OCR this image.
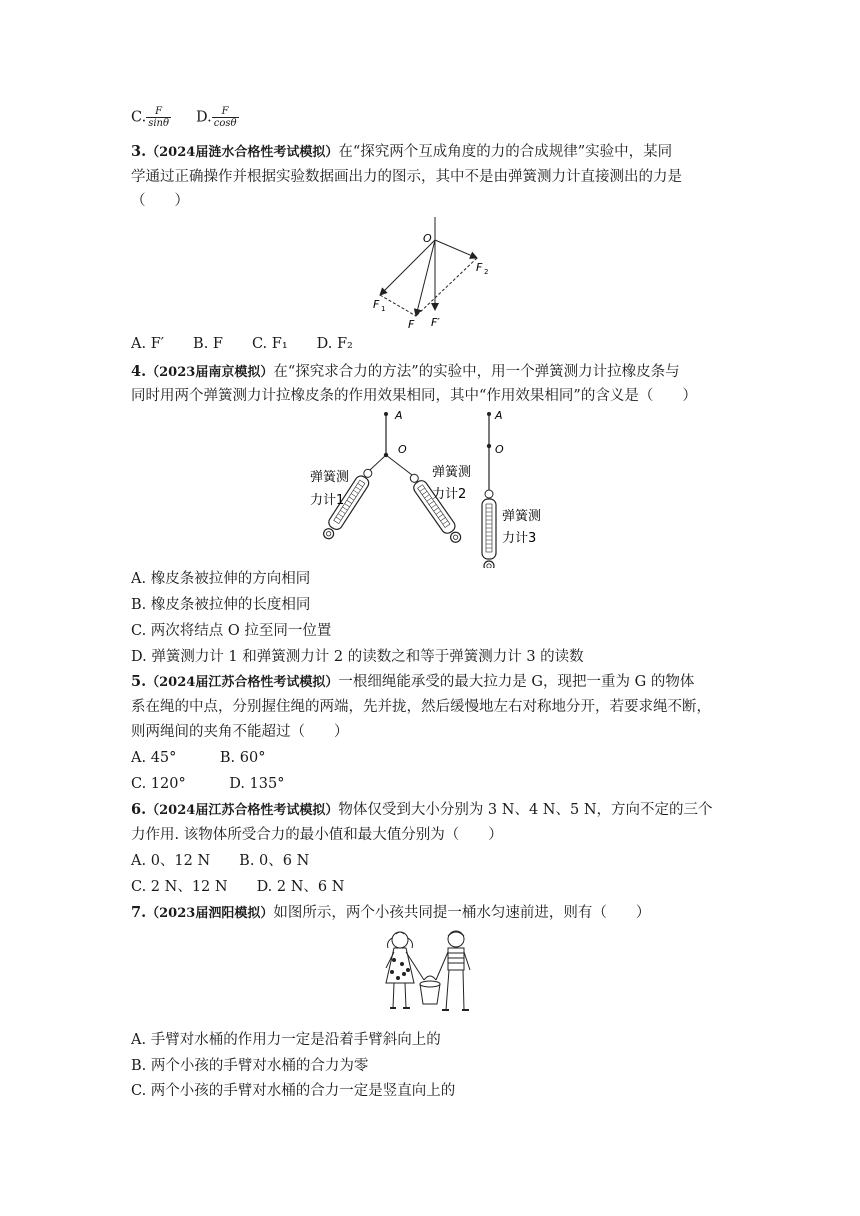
C. $\frac{F}{\sin\theta} D$. $\frac{F}{\cos\theta}$
3.（2024届涟水合格性考试模拟）在“探究两个互成角度的力的合成规律”实验中，某同
学通过正确操作并根据实验数据画出力的图示，其中不是由弹簧测力计直接测出的力是
（　　）
O
F 2
F 1
F F′
A. F′　　B. F　　C. F₁　　D. F₂
4.（2023届南京模拟）在“探究求合力的方法”的实验中，用一个弹簧测力计拉橡皮条与
同时用两个弹簧测力计拉橡皮条的作用效果相同，其中“作用效果相同”的含义是（　　）
A
O
弹簧测
力计1
弹簧测
力计2
A
O
弹簧测
力计3
A. 橡皮条被拉伸的方向相同
B. 橡皮条被拉伸的长度相同
C. 两次将结点 O 拉至同一位置
D. 弹簧测力计 1 和弹簧测力计 2 的读数之和等于弹簧测力计 3 的读数
5.（2024届江苏合格性考试模拟）一根细绳能承受的最大拉力是 G，现把一重为 G 的物体
系在绳的中点，分别握住绳的两端，先并拢，然后缓慢地左右对称地分开，若要求绳不断，
则两绳间的夹角不能超过（　　）
A. 45°　　　B. 60°
C. 120°　　　D. 135°
6.（2024届江苏合格性考试模拟）物体仅受到大小分别为 3 N、4 N、5 N，方向不定的三个
力作用. 该物体所受合力的最小值和最大值分别为（　　）
A. 0、12 N　　B. 0、6 N
C. 2 N、12 N　　D. 2 N、6 N
7.（2023届泗阳模拟）如图所示，两个小孩共同提一桶水匀速前进，则有（　　）
A. 手臂对水桶的作用力一定是沿着手臂斜向上的
B. 两个小孩的手臂对水桶的合力为零
C. 两个小孩的手臂对水桶的合力一定是竖直向上的
